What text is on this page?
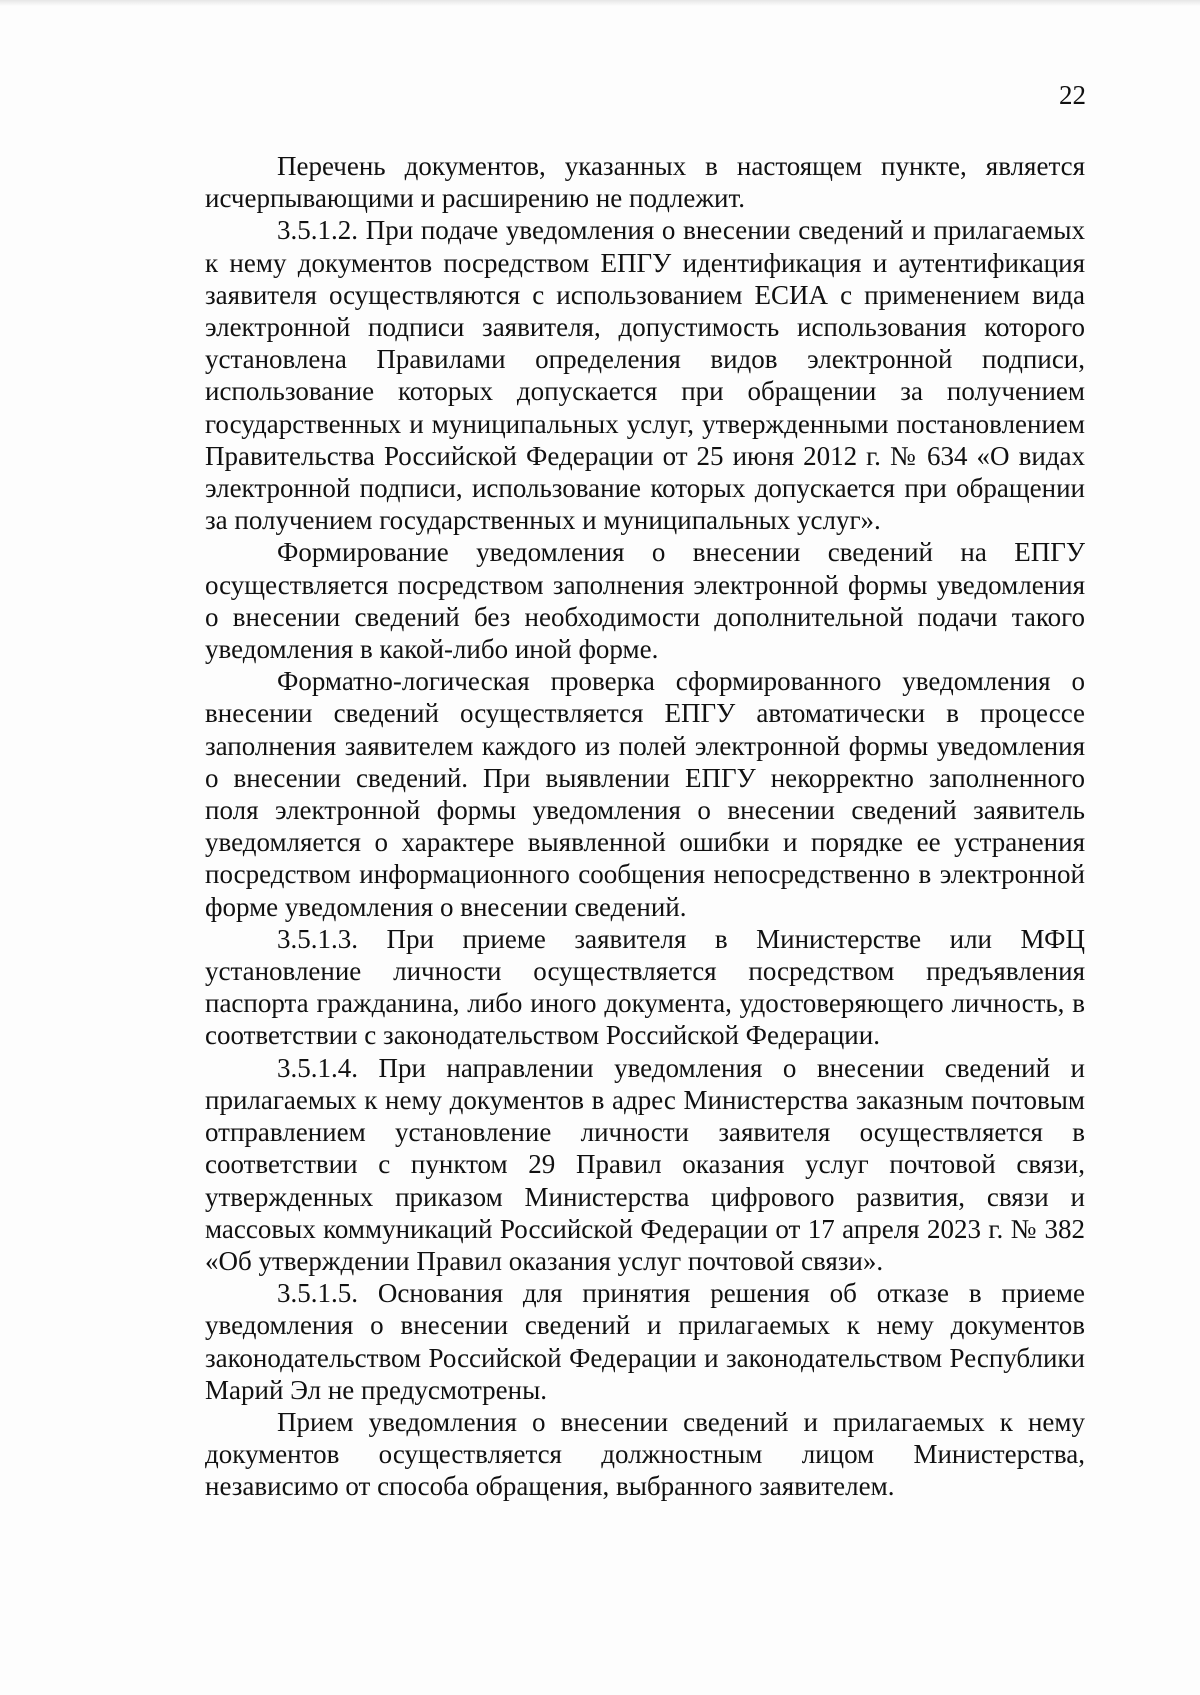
22

Перечень документов, указанных в настоящем пункте, является исчерпывающими и расширению не подлежит.

3.5.1.2. При подаче уведомления о внесении сведений и прилагаемых к нему документов посредством ЕПГУ идентификация и аутентификация заявителя осуществляются с использованием ЕСИА с применением вида электронной подписи заявителя, допустимость использования которого установлена Правилами определения видов электронной подписи, использование которых допускается при обращении за получением государственных и муниципальных услуг, утвержденными постановлением Правительства Российской Федерации от 25 июня 2012 г. № 634 «О видах электронной подписи, использование которых допускается при обращении за получением государственных и муниципальных услуг».

Формирование уведомления о внесении сведений на ЕПГУ осуществляется посредством заполнения электронной формы уведомления о внесении сведений без необходимости дополнительной подачи такого уведомления в какой-либо иной форме.

Форматно-логическая проверка сформированного уведомления о внесении сведений осуществляется ЕПГУ автоматически в процессе заполнения заявителем каждого из полей электронной формы уведомления о внесении сведений. При выявлении ЕПГУ некорректно заполненного поля электронной формы уведомления о внесении сведений заявитель уведомляется о характере выявленной ошибки и порядке ее устранения посредством информационного сообщения непосредственно в электронной форме уведомления о внесении сведений.

3.5.1.3. При приеме заявителя в Министерстве или МФЦ установление личности осуществляется посредством предъявления паспорта гражданина, либо иного документа, удостоверяющего личность, в соответствии с законодательством Российской Федерации.

3.5.1.4. При направлении уведомления о внесении сведений и прилагаемых к нему документов в адрес Министерства заказным почтовым отправлением установление личности заявителя осуществляется в соответствии с пунктом 29 Правил оказания услуг почтовой связи, утвержденных приказом Министерства цифрового развития, связи и массовых коммуникаций Российской Федерации от 17 апреля 2023 г. № 382 «Об утверждении Правил оказания услуг почтовой связи».

3.5.1.5. Основания для принятия решения об отказе в приеме уведомления о внесении сведений и прилагаемых к нему документов законодательством Российской Федерации и законодательством Республики Марий Эл не предусмотрены.

Прием уведомления о внесении сведений и прилагаемых к нему документов осуществляется должностным лицом Министерства, независимо от способа обращения, выбранного заявителем.
